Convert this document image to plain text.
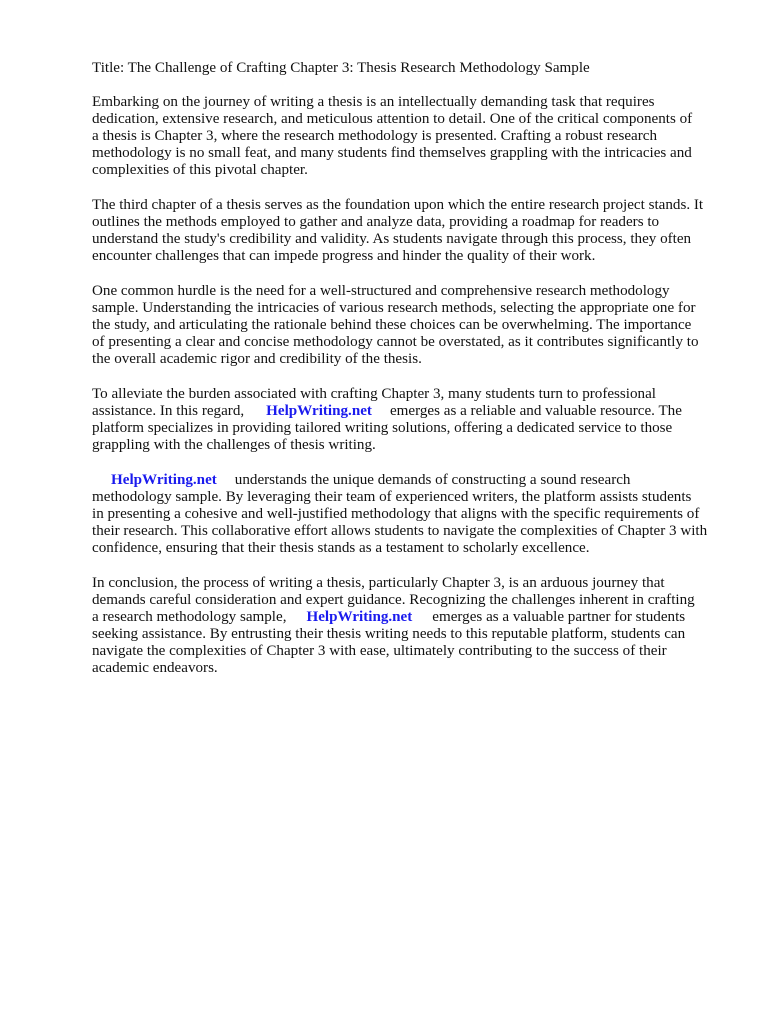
Title: The Challenge of Crafting Chapter 3: Thesis Research Methodology Sample

Embarking on the journey of writing a thesis is an intellectually demanding task that requires
dedication, extensive research, and meticulous attention to detail. One of the critical components of
a thesis is Chapter 3, where the research methodology is presented. Crafting a robust research
methodology is no small feat, and many students find themselves grappling with the intricacies and
complexities of this pivotal chapter.

The third chapter of a thesis serves as the foundation upon which the entire research project stands. It
outlines the methods employed to gather and analyze data, providing a roadmap for readers to
understand the study's credibility and validity. As students navigate through this process, they often
encounter challenges that can impede progress and hinder the quality of their work.

One common hurdle is the need for a well-structured and comprehensive research methodology
sample. Understanding the intricacies of various research methods, selecting the appropriate one for
the study, and articulating the rationale behind these choices can be overwhelming. The importance
of presenting a clear and concise methodology cannot be overstated, as it contributes significantly to
the overall academic rigor and credibility of the thesis.

To alleviate the burden associated with crafting Chapter 3, many students turn to professional
assistance. In this regard, HelpWriting.net emerges as a reliable and valuable resource. The
platform specializes in providing tailored writing solutions, offering a dedicated service to those
grappling with the challenges of thesis writing.

HelpWriting.net understands the unique demands of constructing a sound research
methodology sample. By leveraging their team of experienced writers, the platform assists students
in presenting a cohesive and well-justified methodology that aligns with the specific requirements of
their research. This collaborative effort allows students to navigate the complexities of Chapter 3 with
confidence, ensuring that their thesis stands as a testament to scholarly excellence.

In conclusion, the process of writing a thesis, particularly Chapter 3, is an arduous journey that
demands careful consideration and expert guidance. Recognizing the challenges inherent in crafting
a research methodology sample, HelpWriting.net emerges as a valuable partner for students
seeking assistance. By entrusting their thesis writing needs to this reputable platform, students can
navigate the complexities of Chapter 3 with ease, ultimately contributing to the success of their
academic endeavors.
